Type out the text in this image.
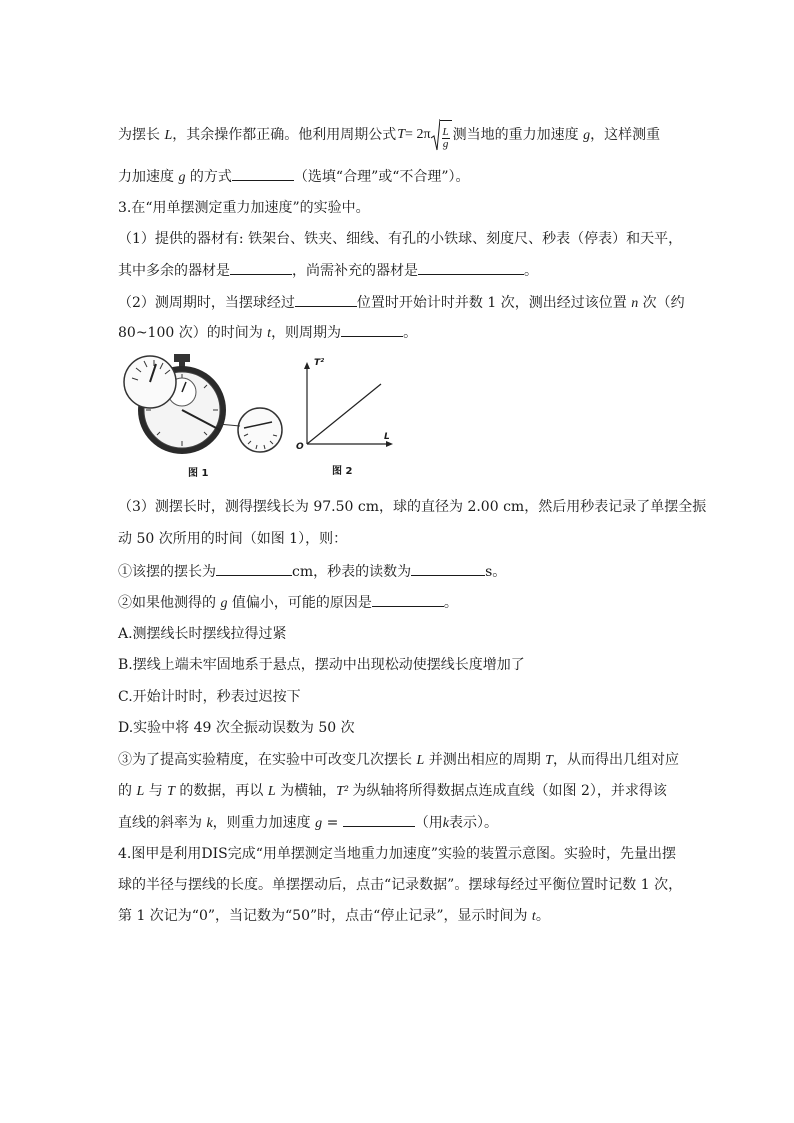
为摆长 L，其余操作都正确。他利用周期公式 $T = 2\pi \frac{L}{g}$ 测当地的重力加速度 g，这样测重
力加速度 g 的方式	（选填“合理”或“不合理”）。
3.在“用单摆测定重力加速度”的实验中。
（1）提供的器材有: 铁架台、铁夹、细线、有孔的小铁球、刻度尺、秒表（停表）和天平，
其中多余的器材是	，尚需补充的器材是	。
（2）测周期时，当摆球经过	位置时开始计时并数 1 次，测出经过该位置 n 次（约
80~100 次）的时间为 t，则周期为	。
图 1
T²
L
O
图 2
（3）测摆长时，测得摆线长为 97.50 cm，球的直径为 2.00 cm，然后用秒表记录了单摆全振
动 50 次所用的时间（如图 1），则：
①该摆的摆长为	cm，秒表的读数为	s。
②如果他测得的 g 值偏小，可能的原因是	。
A.测摆线长时摆线拉得过紧
B.摆线上端未牢固地系于悬点，摆动中出现松动使摆线长度增加了
C.开始计时时，秒表过迟按下
D.实验中将 49 次全振动误数为 50 次
③为了提高实验精度，在实验中可改变几次摆长 L 并测出相应的周期 T，从而得出几组对应
的 L 与 T 的数据，再以 L 为横轴，T² 为纵轴将所得数据点连成直线（如图 2），并求得该
直线的斜率为 k，则重力加速度 g =	（用k表示）。
4.图甲是利用DIS完成“用单摆测定当地重力加速度”实验的装置示意图。实验时，先量出摆
球的半径与摆线的长度。单摆摆动后，点击“记录数据”。摆球每经过平衡位置时记数 1 次，
第 1 次记为“0”，当记数为“50”时，点击“停止记录”，显示时间为 t。
